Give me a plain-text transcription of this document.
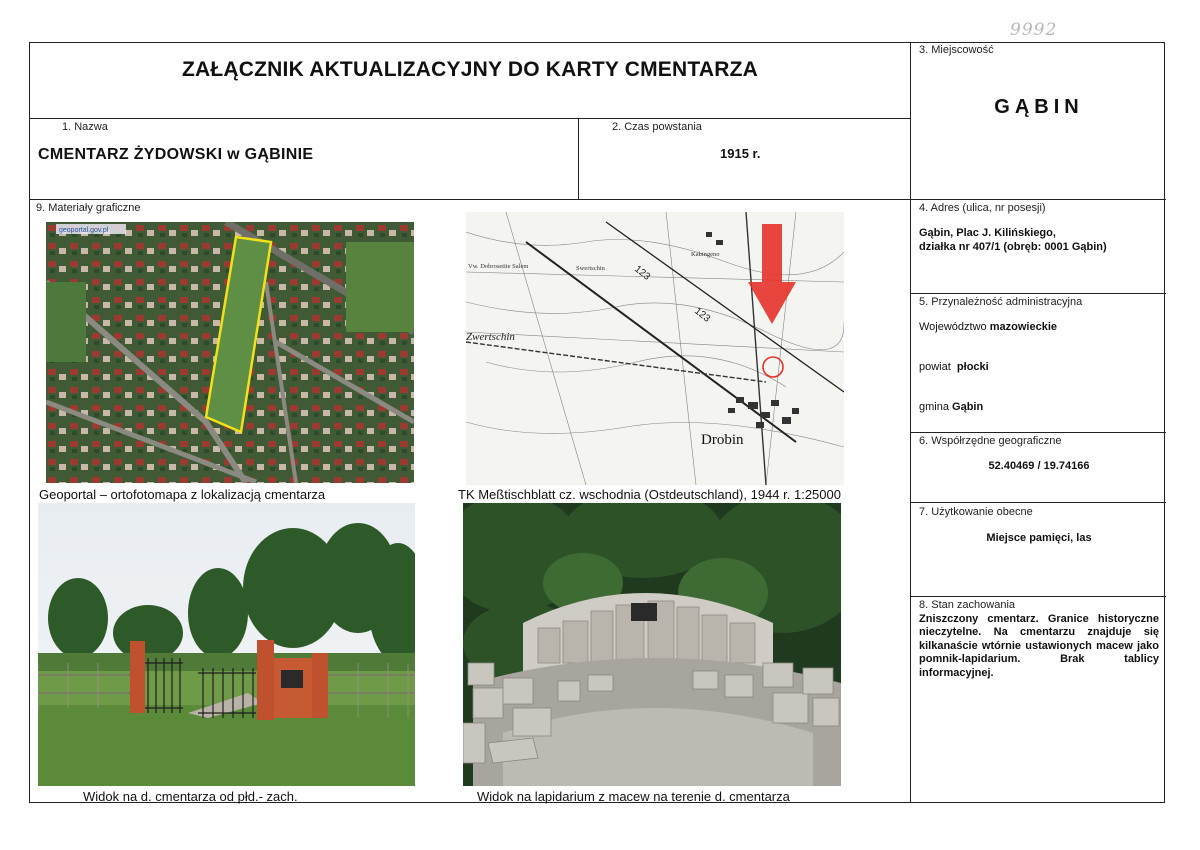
9992
ZAŁĄCZNIK AKTUALIZACYJNY DO KARTY CMENTARZA
1. Nazwa
CMENTARZ ŻYDOWSKI w GĄBINIE
2. Czas powstania
1915 r.
3. Miejscowość
GĄBIN
4. Adres (ulica, nr posesji)
Gąbin, Plac J. Kilińskiego,
działka nr 407/1 (obręb: 0001 Gąbin)
5. Przynależność administracyjna
Województwo mazowieckie
powiat płocki
gmina Gąbin
6. Współrzędne geograficzne
52.40469 / 19.74166
7. Użytkowanie obecne
Miejsce pamięci, las
8. Stan zachowania
Zniszczony cmentarz. Granice historyczne nieczytelne. Na cmentarzu znajduje się kilkanaście wtórnie ustawionych macew jako pomnik-lapidarium. Brak tablicy informacyjnej.
9. Materiały graficzne
geoportal.gov.pl
Geoportal – ortofotomapa z lokalizacją cmentarza
Drobin
Zwertschin
123
123
Vw. Dobrosetite Salem	Swertschin
Kabingeno
TK Meßtischblatt cz. wschodnia (Ostdeutschland), 1944 r. 1:25000
Widok na d. cmentarza od płd.- zach.	Widok na lapidarium z macew na terenie d. cmentarza
